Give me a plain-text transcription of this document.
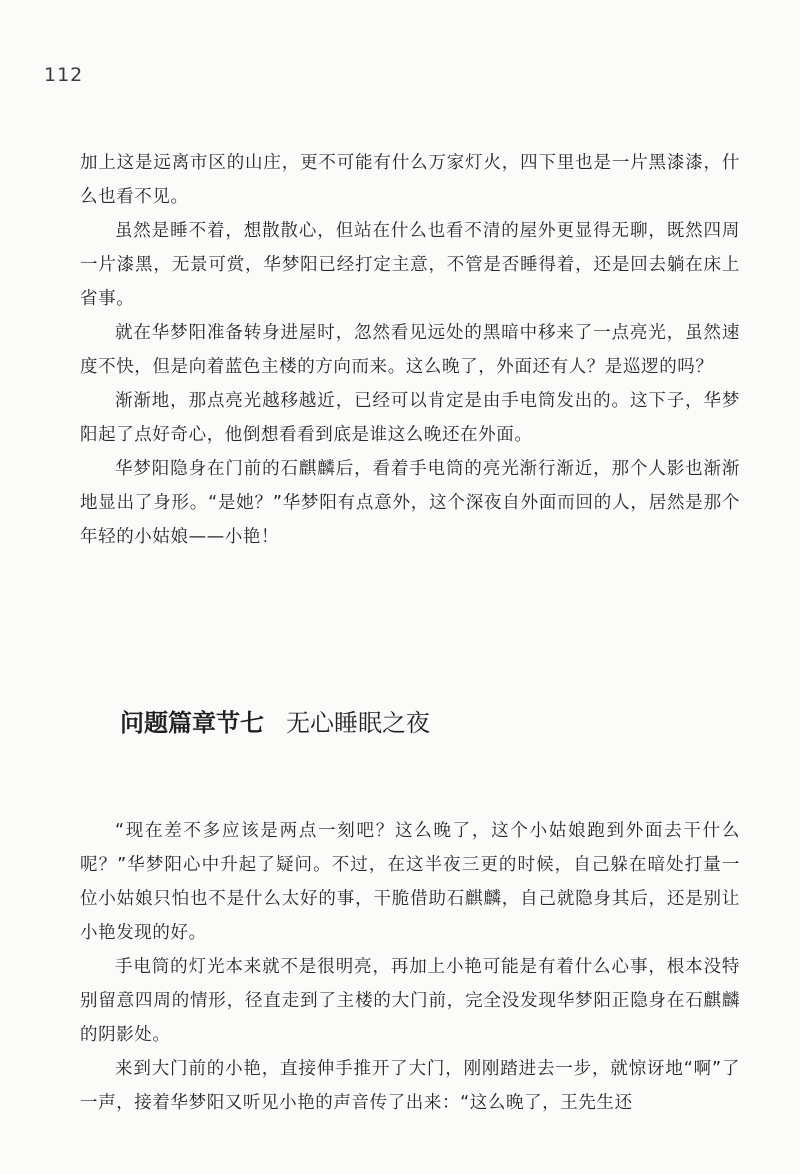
112

加上这是远离市区的山庄，更不可能有什么万家灯火，四下里也是一片黑漆漆，什么也看不见。

虽然是睡不着，想散散心，但站在什么也看不清的屋外更显得无聊，既然四周一片漆黑，无景可赏，华梦阳已经打定主意，不管是否睡得着，还是回去躺在床上省事。

就在华梦阳准备转身进屋时，忽然看见远处的黑暗中移来了一点亮光，虽然速度不快，但是向着蓝色主楼的方向而来。这么晚了，外面还有人？是巡逻的吗？

渐渐地，那点亮光越移越近，已经可以肯定是由手电筒发出的。这下子，华梦阳起了点好奇心，他倒想看看到底是谁这么晚还在外面。

华梦阳隐身在门前的石麒麟后，看着手电筒的亮光渐行渐近，那个人影也渐渐地显出了身形。“是她？”华梦阳有点意外，这个深夜自外面而回的人，居然是那个年轻的小姑娘——小艳！

问题篇章节七 无心睡眠之夜

“现在差不多应该是两点一刻吧？这么晚了，这个小姑娘跑到外面去干什么呢？”华梦阳心中升起了疑问。不过，在这半夜三更的时候，自己躲在暗处打量一位小姑娘只怕也不是什么太好的事，干脆借助石麒麟，自己就隐身其后，还是别让小艳发现的好。

手电筒的灯光本来就不是很明亮，再加上小艳可能是有着什么心事，根本没特别留意四周的情形，径直走到了主楼的大门前，完全没发现华梦阳正隐身在石麒麟的阴影处。

来到大门前的小艳，直接伸手推开了大门，刚刚踏进去一步，就惊讶地“啊”了一声，接着华梦阳又听见小艳的声音传了出来：“这么晚了，王先生还
